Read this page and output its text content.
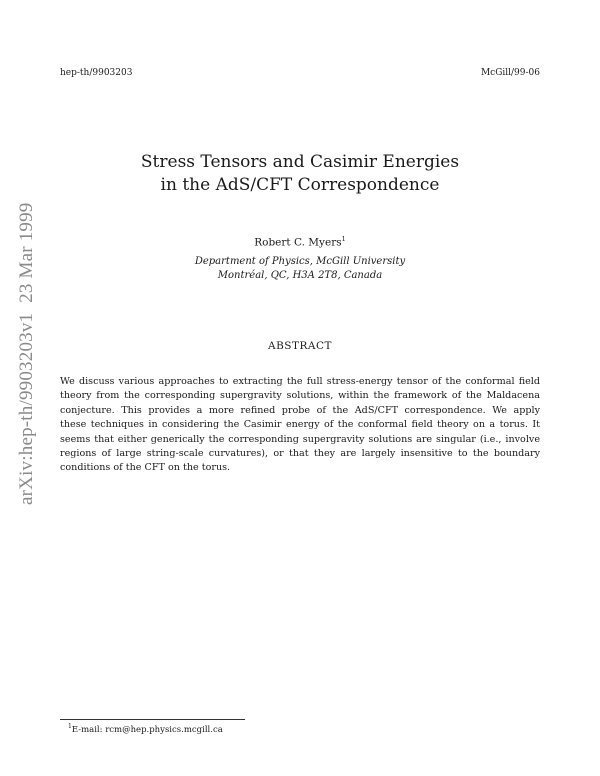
hep-th/9903203	McGill/99-06
arXiv:hep-th/9903203v1  23 Mar 1999
Stress Tensors and Casimir Energies
in the AdS/CFT Correspondence
Robert C. Myers$^1$
Department of Physics, McGill University
Montréal, QC, H3A 2T8, Canada
ABSTRACT
We discuss various approaches to extracting the full stress-energy tensor of the conformal field
theory from the corresponding supergravity solutions, within the framework of the Maldacena
conjecture. This provides a more refined probe of the AdS/CFT correspondence. We apply
these techniques in considering the Casimir energy of the conformal field theory on a torus. It
seems that either generically the corresponding supergravity solutions are singular (i.e., involve
regions of large string-scale curvatures), or that they are largely insensitive to the boundary
conditions of the CFT on the torus.
$^1$E-mail: rcm@hep.physics.mcgill.ca
